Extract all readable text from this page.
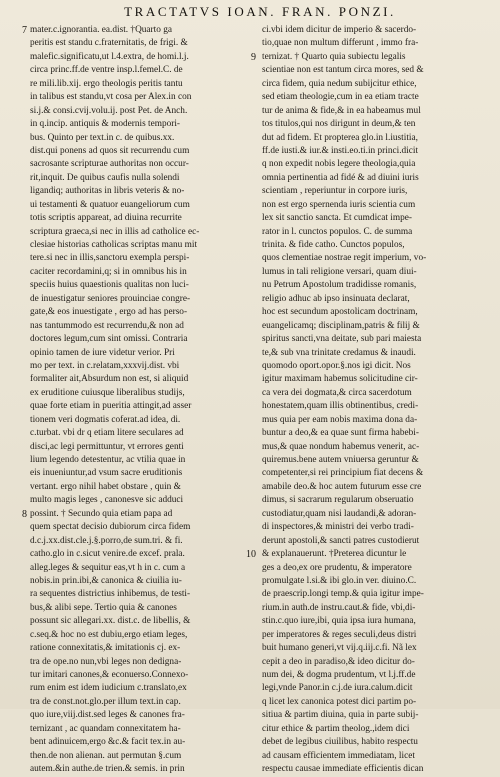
TRACTATVS IOAN. FRAN. PONZI.
7 mater.c.ignorantia. ea.dist. †Quarto ga
peritis est standu c.fraternitatis, de frigi. &
malefic.significatu,ut l.4.extra, de homi.l.j.
circa princ.ff.de ventre insp.l.femel.C. de
re mili.lib.xij. ergo theologis peritis tantu
in talibus est standu,vt cosa per Alex.in con
si.j.& consi.cvij.volu.ij. post Pet. de Anch.
in q.incip. antiquis & modernis tempori-
bus. Quinto per text.in c. de quibus.xx.
dist.qui ponens ad quos sit recurrendu cum
sacrosante scripturae authoritas non occur-
rit,inquit. De quibus caufis nulla solendi
ligandiq; authoritas in libris veteris & no-
ui testamenti & quatuor euangeliorum cum
totis scriptis appareat, ad diuina recurrite
scriptura graeca,si nec in illis ad catholice ec-
clesiae historias catholicas scriptas manu mit
tere.si nec in illis,sanctoru exempla perspi-
caciter recordamini,q; si in omnibus his in
speciis huius quaestionis qualitas non luci-
de inuestigatur seniores prouinciae congre-
gate,& eos inuestigate , ergo ad has perso-
nas tantummodo est recurrendu,& non ad
doctores legum,cum sint omissi. Contraria
opinio tamen de iure videtur verior. Pri
mo per text. in c.relatam,xxxvij.dist. vbi
formaliter ait,Absurdum non est, si aliquid
ex eruditione cuiusque liberalibus studijs,
quae forte etiam in pueritia attingit,ad asser
tionem veri dogmatis coferat.ad idea, di.
c.turbat. vbi dr q etiam litere seculares ad
disci,ac legi permittuntur, vt errores genti
lium legendo detestentur, ac vtilia quae in
eis inueniuntur,ad vsum sacre eruditionis
vertant. ergo nihil habet obstare , quin &
multo magis leges , canonesve sic adduci
8 possint. † Secundo quia etiam papa ad
quem spectat decisio dubiorum circa fidem
d.c.j.xx.dist.cle.j.§.porro,de sum.tri. & fi.
catho.glo in c.sicut venire.de excef. prala.
alleg.leges & sequitur eas,vt h in c. cum a
nobis.in prin.ibi,& canonica & ciuilia iu-
ra sequentes districtius inhibemus, de testi-
bus,& alibi sepe. Tertio quia & canones
possunt sic allegari.xx. dist.c. de libellis, &
c.seq.& hoc no est dubiu,ergo etiam leges,
ratione connexitatis,& imitationis cj. ex-
tra de ope.no nun,vbi leges non dedigna-
tur imitari canones,& econuerso.Connexo-
rum enim est idem iudicium c.translato,ex
tra de const.not.glo.per illum text.in cap.
quo iure,viij.dist.sed leges & canones fra-
ternizant , ac quandam connexitatem ha-
bent adinuicem,ergo &c.& facit tex.in au-
then.de non alienan. aut permutan §.cum
autem.&in authe.de trien.& semis. in prin
ci.vbi idem dicitur de imperio & sacerdo-
tio,quae non multum differunt , immo fra-
9 ternizat. † Quarto quia subiectu legalis
scientiae non est tantum circa mores, sed &
circa fidem, quia nedum subijcitur ethice,
sed etiam theologie,cum in ea etiam tracte
tur de anima & fide,& in ea habeamus mul
tos titulos,qui nos dirigunt in deum,& ten
dut ad fidem. Et propterea glo.in l.iustitia,
ff.de iusti.& iur.& insti.eo.ti.in princi.dicit
q non expedit nobis legere theologia,quia
omnia pertinentia ad fidé & ad diuini iuris
scientiam , reperiuntur in corpore iuris,
non est ergo spernenda iuris scientia cum
lex sit sanctio sancta. Et cumdicat impe-
rator in l. cunctos populos. C. de summa
trinita. & fide catho. Cunctos populos,
quos clementiae nostrae regit imperium, vo-
lumus in tali religione versari, quam diui-
nu Petrum Apostolum tradidisse romanis,
religio adhuc ab ipso insinuata declarat,
hoc est secundum apostolicam doctrinam,
euangelicamq; disciplinam,patris & filij &
spiritus sancti,vna deitate, sub pari maiesta
te,& sub vna trinitate credamus & inaudi.
quomodo oport.opor.§.nos igi dicit. Nos
igitur maximam habemus solicitudine cir-
ca vera dei dogmata,& circa sacerdotum
honestatem,quam illis obtinentibus, credi-
mus quia per eam nobis maxima dona da-
buntur a deo,& ea quae sunt firma habebi-
mus,& quae nondum habemus venerit, ac-
quiremus.bene autem vniuersa geruntur &
competenter,si rei principium fiat decens &
amabile deo.& hoc autem futurum esse cre
dimus, si sacrarum regularum obseruatio
custodiatur,quam nisi laudandi,& adoran-
di inspectores,& ministri dei verbo tradi-
derunt apostoli,& sancti patres custodierut
10 & explanauerunt. †Preterea dicuntur le
ges a deo,ex ore prudentu, & imperatore
promulgate l.si.& ibi glo.in ver. diuino.C.
de praescrip.longi temp.& quia igitur impe-
rium.in auth.de instru.caut.& fide, vbi,di-
stin.c.quo iure,ibi, quia ipsa iura humana,
per imperatores & reges seculi,deus distri
buit humano generi,vt vij.q.iij.c.fi. Nã lex
cepit a deo in paradiso,& ideo dicitur do-
num dei, & dogma prudentum, vt l.j.ff.de
legi,vnde Panor.in c.j.de iura.calum.dicit
q licet lex canonica potest dici partim po-
sitiua & partim diuina, quia in parte subij-
citur ethice & partim theolog.,idem dici
debet de legibus ciuilibus, habito respectu
ad causam efficientem immediatam, licet
respectu causae immediate efficientis dican
